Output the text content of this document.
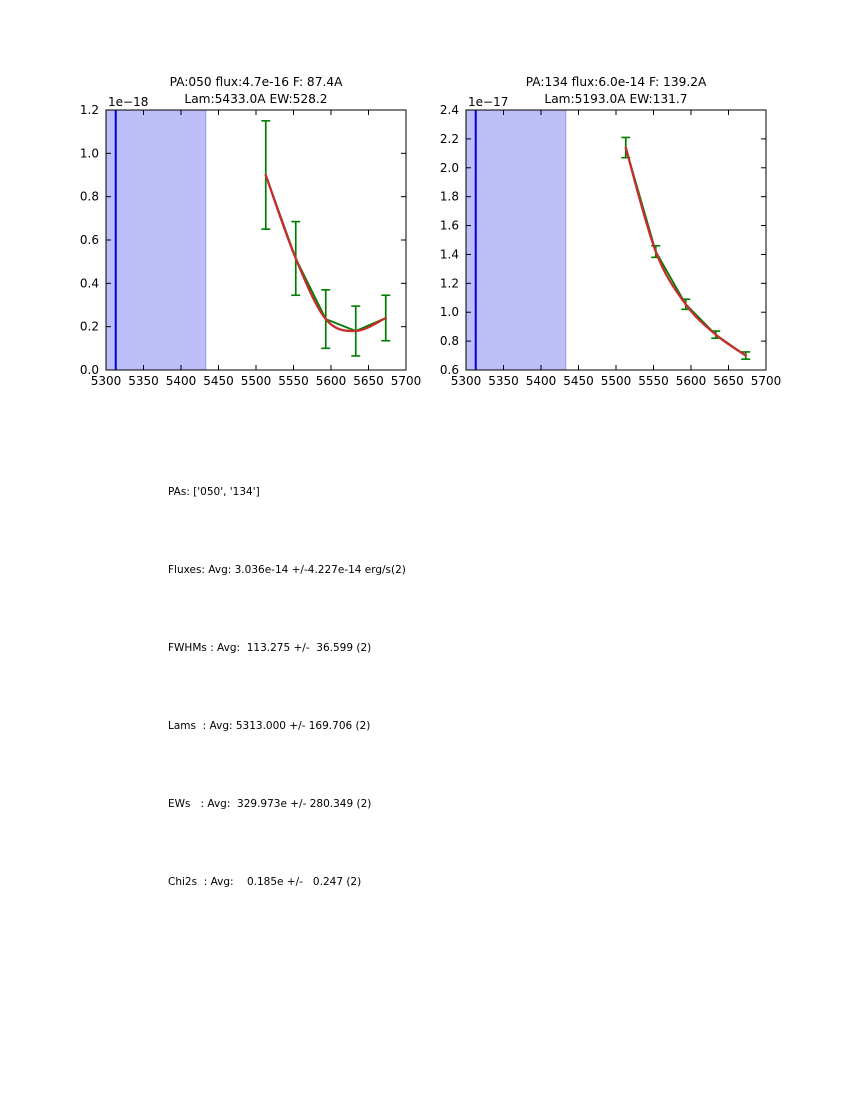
5300 5350 5400 5450 5500 5550 5600 5650 5700
0.0
0.2
0.4
0.6
0.8
1.0
1.2
1e−18
PA:050 flux:4.7e-16 F: 87.4A
Lam:5433.0A EW:528.2
5300 5350 5400 5450 5500 5550 5600 5650 5700
0.6
0.8
1.0
1.2
1.4
1.6
1.8
2.0
2.2
2.4
1e−17
PA:134 flux:6.0e-14 F: 139.2A
Lam:5193.0A EW:131.7

PAs: ['050', '134']

Fluxes: Avg: 3.036e-14 +/-4.227e-14 erg/s(2)

FWHMs : Avg:  113.275 +/-  36.599 (2)

Lams  : Avg: 5313.000 +/- 169.706 (2)

EWs   : Avg:  329.973e +/- 280.349 (2)

Chi2s  : Avg:    0.185e +/-   0.247 (2)
